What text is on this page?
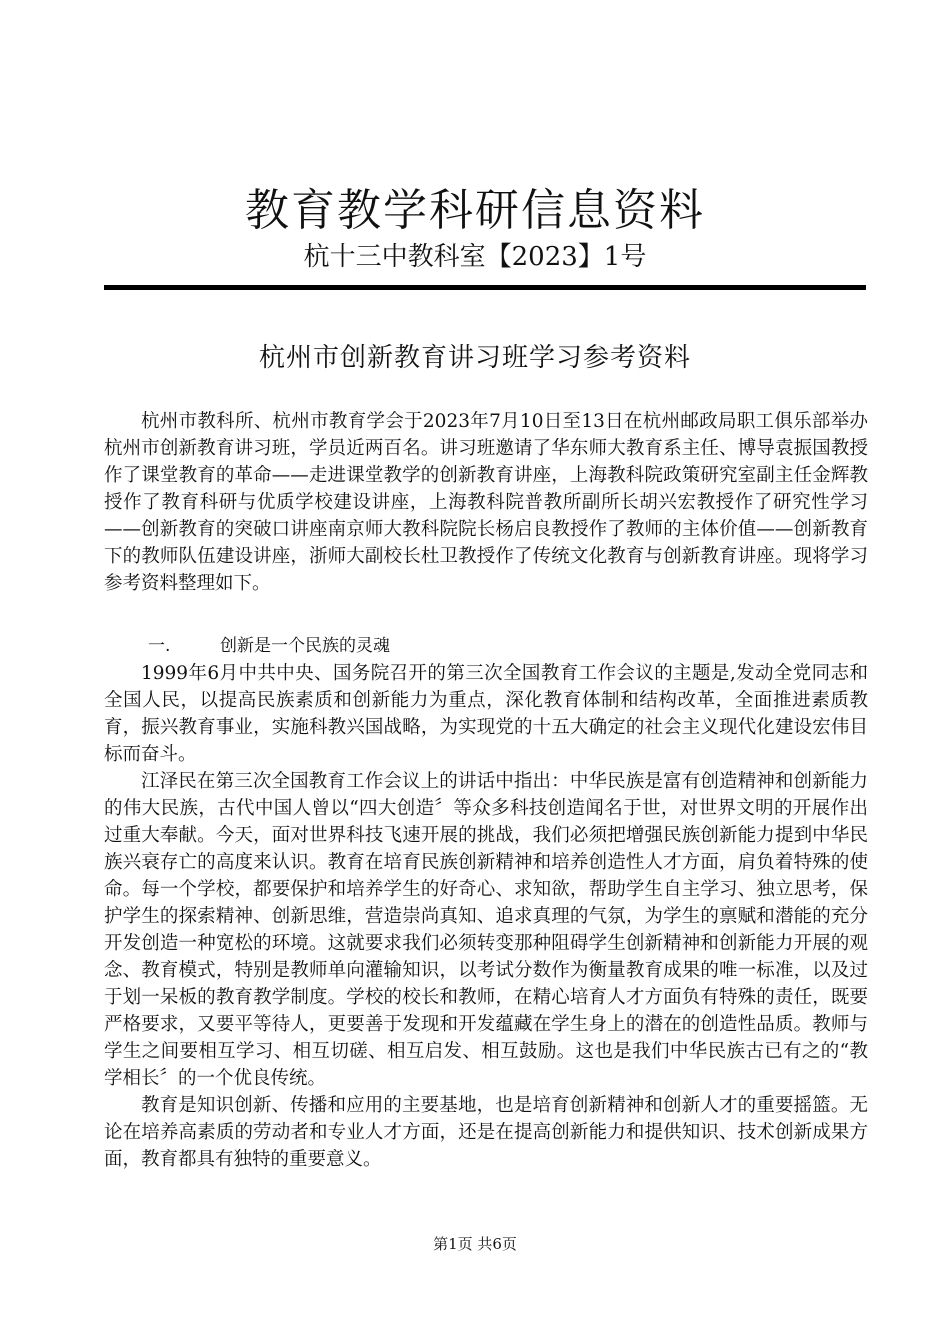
教育教学科研信息资料
杭十三中教科室【2023】1号
杭州市创新教育讲习班学习参考资料

杭州市教科所、杭州市教育学会于2023年7月10日至13日在杭州邮政局职工俱乐部举办杭州市创新教育讲习班，学员近两百名。讲习班邀请了华东师大教育系主任、博导袁振国教授作了课堂教育的革命——走进课堂教学的创新教育讲座，上海教科院政策研究室副主任金辉教授作了教育科研与优质学校建设讲座，上海教科院普教所副所长胡兴宏教授作了研究性学习——创新教育的突破口讲座南京师大教科院院长杨启良教授作了教师的主体价值——创新教育下的教师队伍建设讲座，浙师大副校长杜卫教授作了传统文化教育与创新教育讲座。现将学习参考资料整理如下。

一.	创新是一个民族的灵魂

1999年6月中共中央、国务院召开的第三次全国教育工作会议的主题是,发动全党同志和全国人民，以提高民族素质和创新能力为重点，深化教育体制和结构改革，全面推进素质教育，振兴教育事业，实施科教兴国战略，为实现党的十五大确定的社会主义现代化建设宏伟目标而奋斗。

江泽民在第三次全国教育工作会议上的讲话中指出：中华民族是富有创造精神和创新能力的伟大民族，古代中国人曾以“四大创造〞等众多科技创造闻名于世，对世界文明的开展作出过重大奉献。今天，面对世界科技飞速开展的挑战，我们必须把增强民族创新能力提到中华民族兴衰存亡的高度来认识。教育在培育民族创新精神和培养创造性人才方面，肩负着特殊的使命。每一个学校，都要保护和培养学生的好奇心、求知欲，帮助学生自主学习、独立思考，保护学生的探索精神、创新思维，营造崇尚真知、追求真理的气氛，为学生的禀赋和潜能的充分开发创造一种宽松的环境。这就要求我们必须转变那种阻碍学生创新精神和创新能力开展的观念、教育模式，特别是教师单向灌输知识，以考试分数作为衡量教育成果的唯一标准，以及过于划一呆板的教育教学制度。学校的校长和教师，在精心培育人才方面负有特殊的责任，既要严格要求，又要平等待人，更要善于发现和开发蕴藏在学生身上的潜在的创造性品质。教师与学生之间要相互学习、相互切磋、相互启发、相互鼓励。这也是我们中华民族古已有之的“教学相长〞的一个优良传统。

教育是知识创新、传播和应用的主要基地，也是培育创新精神和创新人才的重要摇篮。无论在培养高素质的劳动者和专业人才方面，还是在提高创新能力和提供知识、技术创新成果方面，教育都具有独特的重要意义。

第1页 共6页
